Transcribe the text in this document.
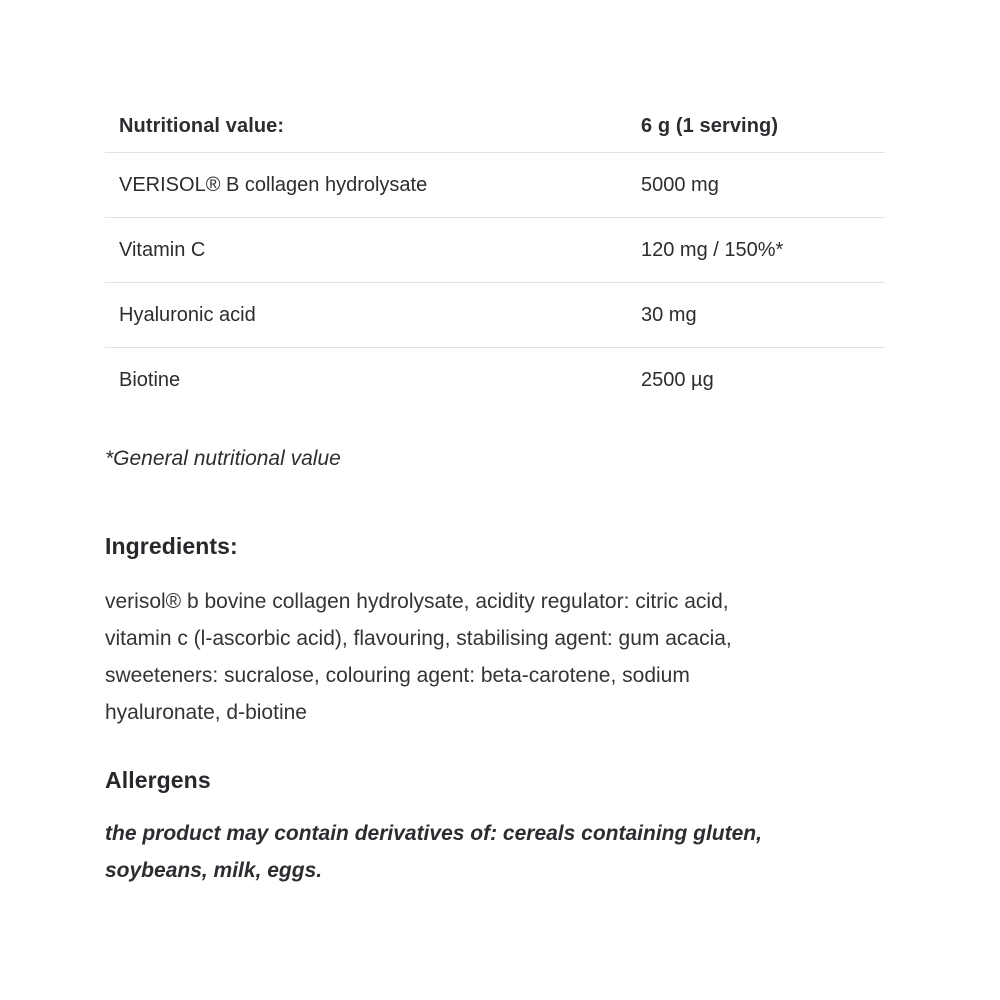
Nutritional value:	6 g (1 serving)
VERISOL® B collagen hydrolysate	5000 mg
Vitamin C	120 mg / 150%*
Hyaluronic acid	30 mg
Biotine	2500 µg
*General nutritional value
Ingredients:

verisol® b bovine collagen hydrolysate, acidity regulator: citric acid,
vitamin c (l-ascorbic acid), flavouring, stabilising agent: gum acacia,
sweeteners: sucralose, colouring agent: beta-carotene, sodium
hyaluronate, d-biotine

Allergens

the product may contain derivatives of: cereals containing gluten,
soybeans, milk, eggs.
